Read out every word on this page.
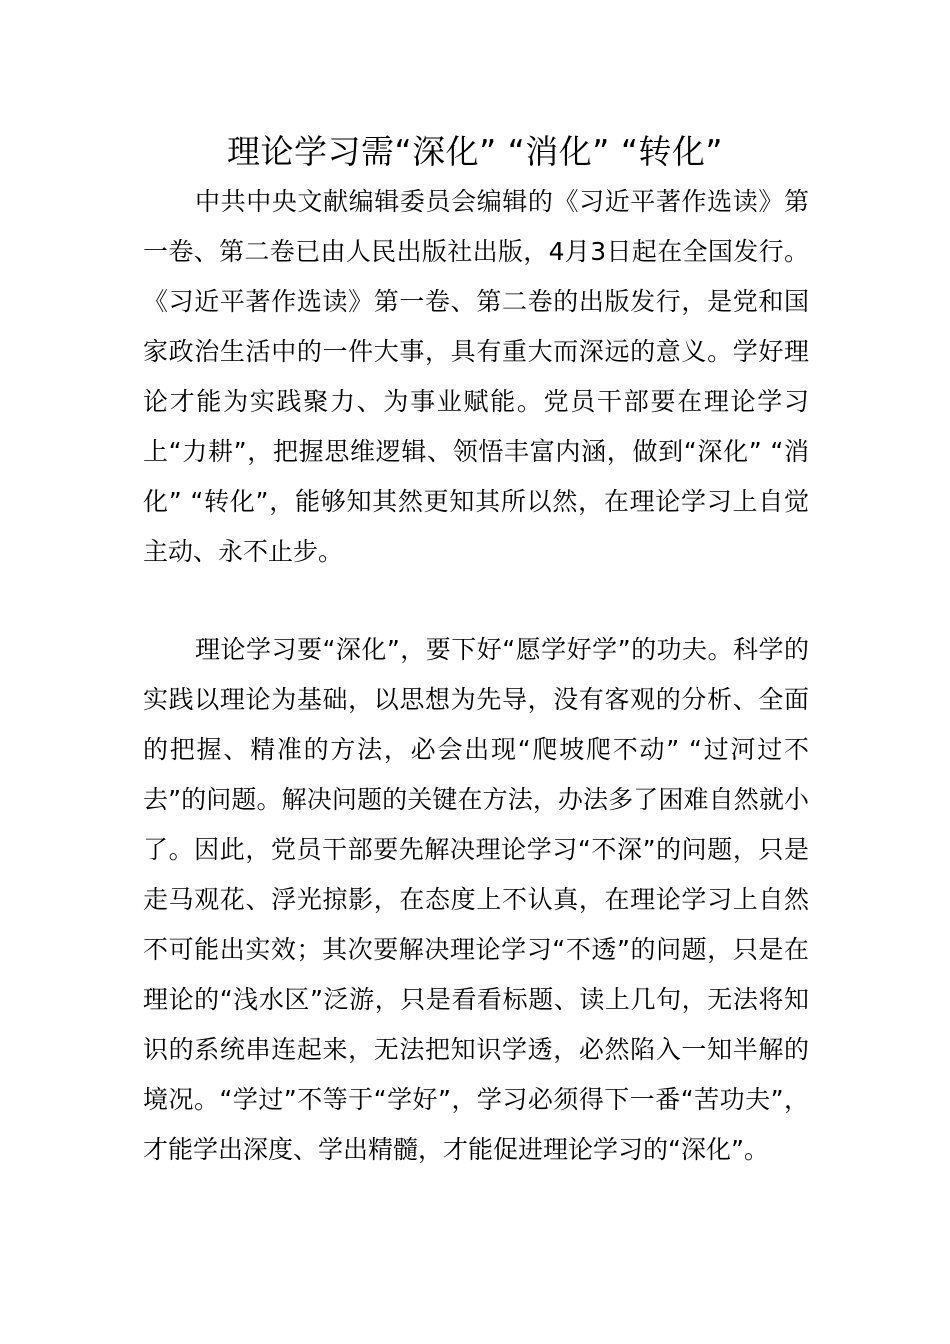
理论学习需“深化” “消化” “转化”

中共中央文献编辑委员会编辑的《习近平著作选读》第一卷、第二卷已由人民出版社出版，4月3日起在全国发行。《习近平著作选读》第一卷、第二卷的出版发行，是党和国家政治生活中的一件大事，具有重大而深远的意义。学好理论才能为实践聚力、为事业赋能。党员干部要在理论学习上“力耕”，把握思维逻辑、领悟丰富内涵，做到“深化” “消化” “转化”，能够知其然更知其所以然，在理论学习上自觉主动、永不止步。

理论学习要“深化”，要下好“愿学好学”的功夫。科学的实践以理论为基础，以思想为先导，没有客观的分析、全面的把握、精准的方法，必会出现“爬坡爬不动” “过河过不去”的问题。解决问题的关键在方法，办法多了困难自然就小了。因此，党员干部要先解决理论学习“不深”的问题，只是走马观花、浮光掠影，在态度上不认真，在理论学习上自然不可能出实效；其次要解决理论学习“不透”的问题，只是在理论的“浅水区”泛游，只是看看标题、读上几句，无法将知识的系统串连起来，无法把知识学透，必然陷入一知半解的境况。“学过”不等于“学好”，学习必须得下一番“苦功夫”，才能学出深度、学出精髓，才能促进理论学习的“深化”。
